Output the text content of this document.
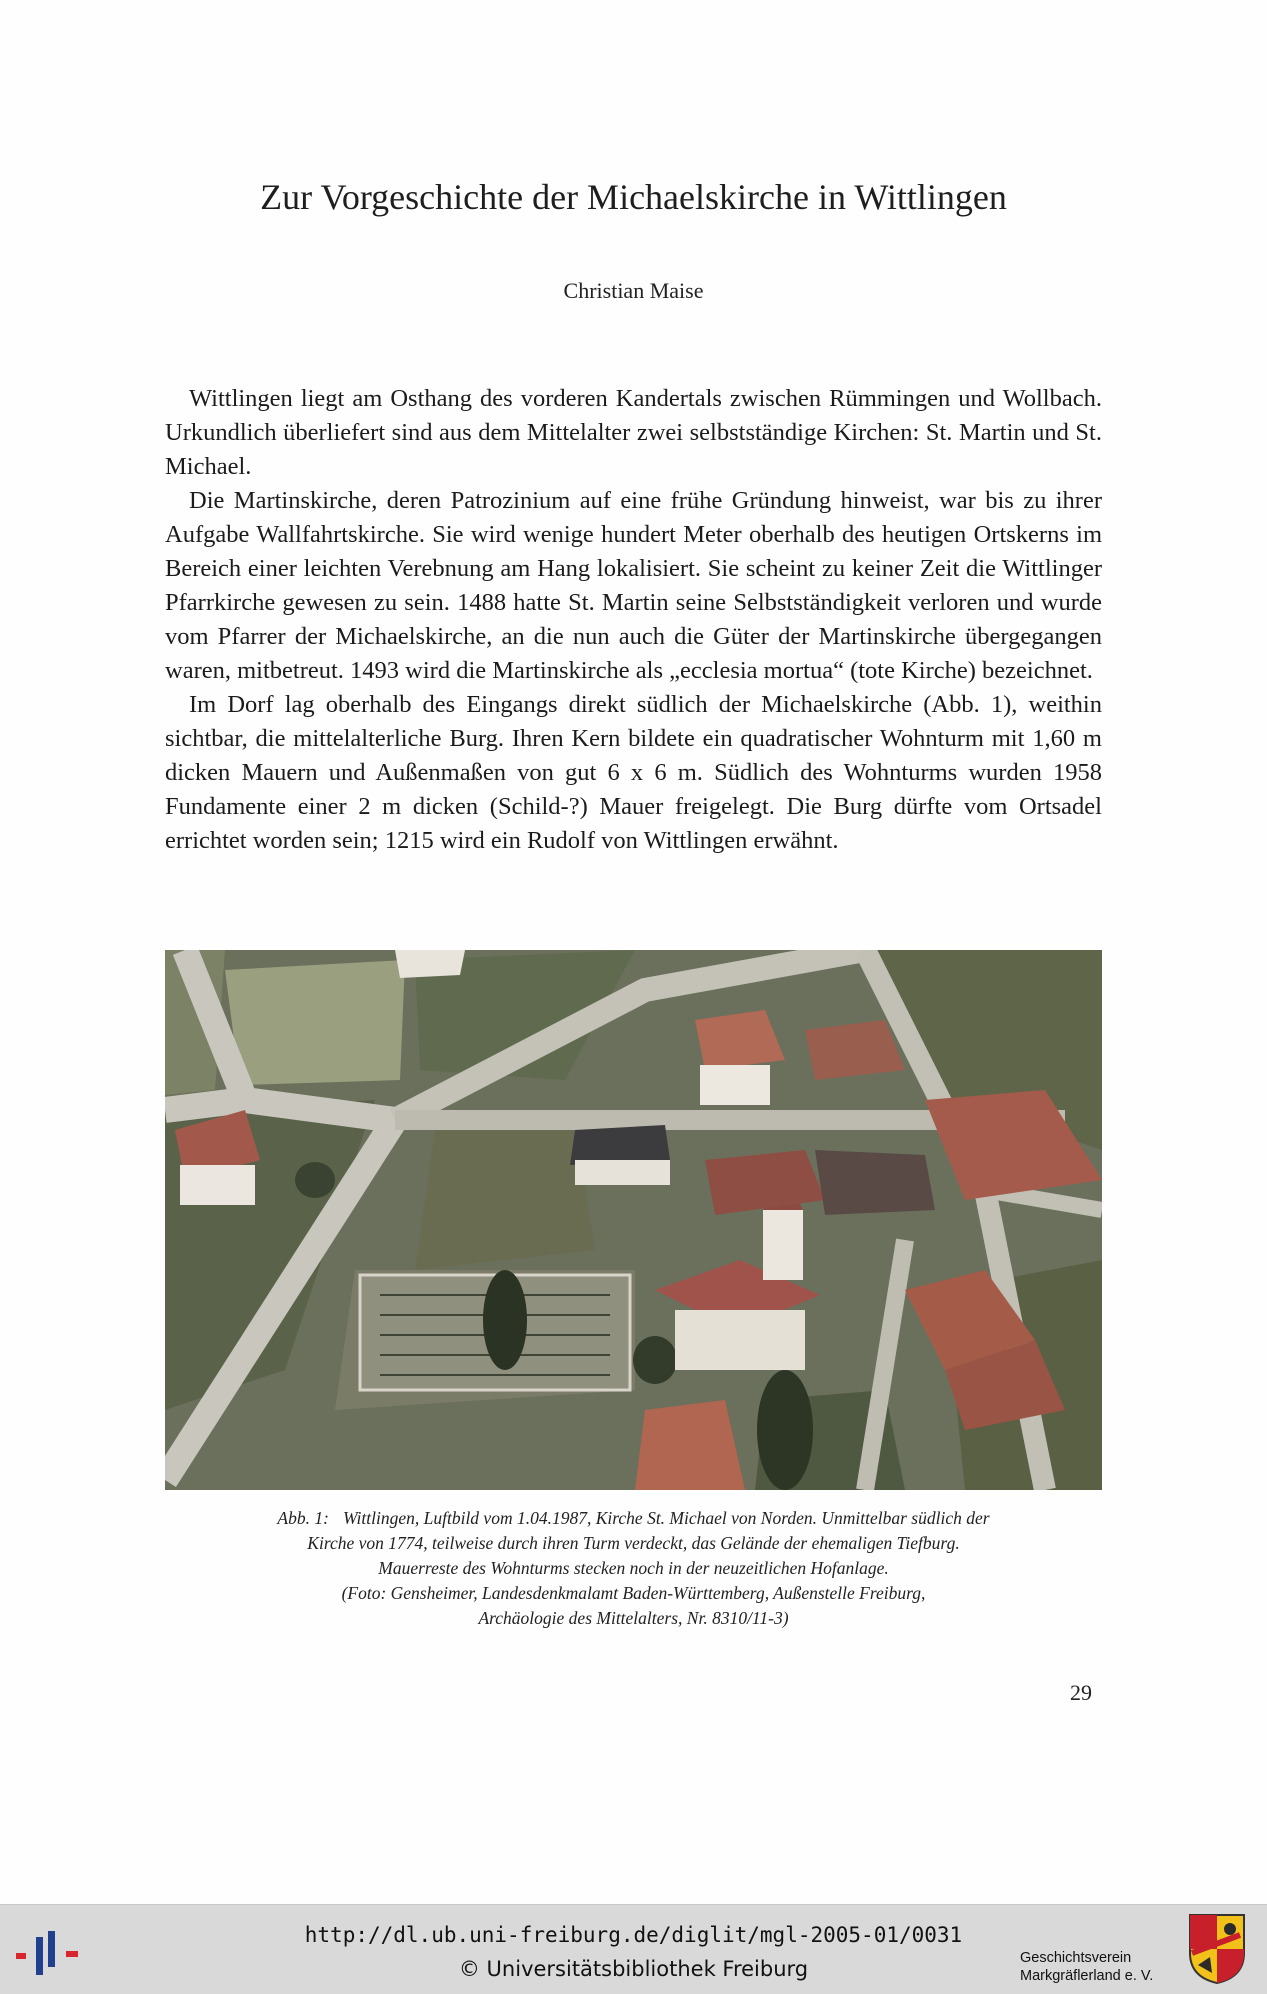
Zur Vorgeschichte der Michaelskirche in Wittlingen
Christian Maise

Wittlingen liegt am Osthang des vorderen Kandertals zwischen Rümmingen und Wollbach. Urkundlich überliefert sind aus dem Mittelalter zwei selbstständige Kirchen: St. Martin und St. Michael.

Die Martinskirche, deren Patrozinium auf eine frühe Gründung hinweist, war bis zu ihrer Aufgabe Wallfahrtskirche. Sie wird wenige hundert Meter oberhalb des heutigen Ortskerns im Bereich einer leichten Verebnung am Hang lokalisiert. Sie scheint zu keiner Zeit die Wittlinger Pfarrkirche gewesen zu sein. 1488 hatte St. Martin seine Selbstständigkeit verloren und wurde vom Pfarrer der Michaelskirche, an die nun auch die Güter der Martinskirche übergegangen waren, mitbetreut. 1493 wird die Martinskirche als „ecclesia mortua“ (tote Kirche) bezeichnet.

Im Dorf lag oberhalb des Eingangs direkt südlich der Michaelskirche (Abb. 1), weithin sichtbar, die mittelalterliche Burg. Ihren Kern bildete ein quadratischer Wohnturm mit 1,60 m dicken Mauern und Außenmaßen von gut 6 x 6 m. Südlich des Wohnturms wurden 1958 Fundamente einer 2 m dicken (Schild-?) Mauer freigelegt. Die Burg dürfte vom Ortsadel errichtet worden sein; 1215 wird ein Rudolf von Wittlingen erwähnt.

Abb. 1: Wittlingen, Luftbild vom 1.04.1987, Kirche St. Michael von Norden. Unmittelbar südlich der
Kirche von 1774, teilweise durch ihren Turm verdeckt, das Gelände der ehemaligen Tiefburg.
Mauerreste des Wohnturms stecken noch in der neuzeitlichen Hofanlage.
(Foto: Gensheimer, Landesdenkmalamt Baden-Württemberg, Außenstelle Freiburg,
Archäologie des Mittelalters, Nr. 8310/11-3)
29
http://dl.ub.uni-freiburg.de/diglit/mgl-2005-01/0031
© Universitätsbibliothek Freiburg	Geschichtsverein
Markgräflerland e. V.
